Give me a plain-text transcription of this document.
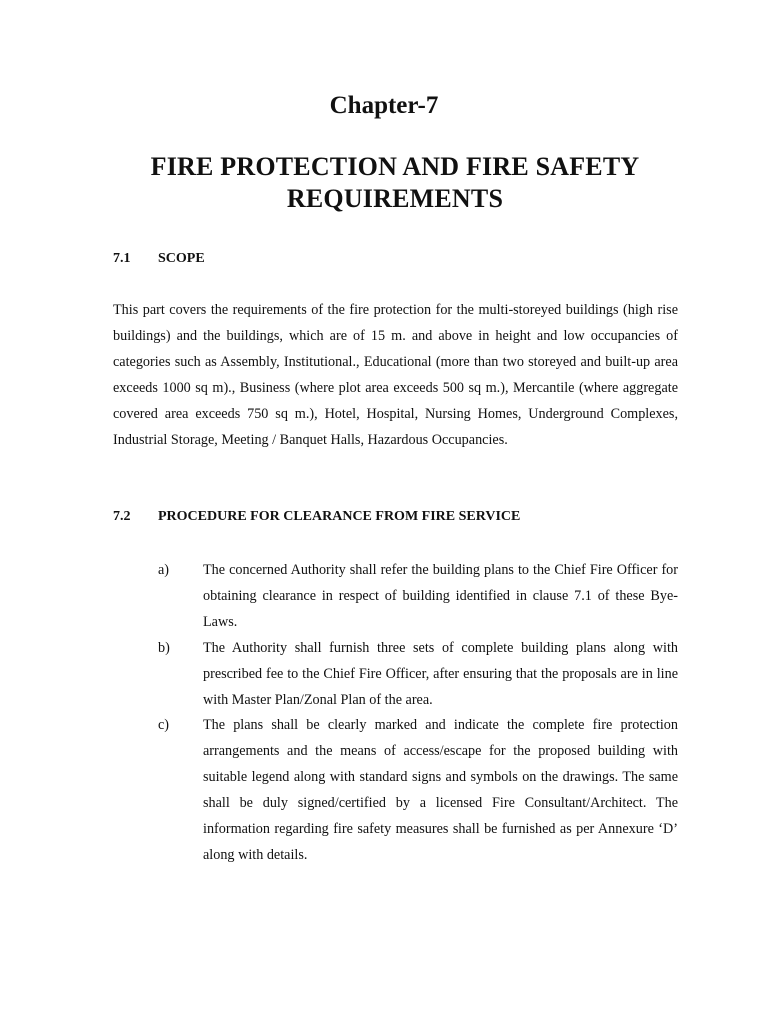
Chapter-7
FIRE PROTECTION AND FIRE SAFETY REQUIREMENTS
7.1 SCOPE
This part covers the requirements of the fire protection for the multi-storeyed buildings (high rise buildings) and the buildings, which are of 15 m. and above in height and low occupancies of categories such as Assembly, Institutional., Educational (more than two storeyed and built-up area exceeds 1000 sq m)., Business (where plot area exceeds 500 sq m.), Mercantile (where aggregate covered area exceeds 750 sq m.), Hotel, Hospital, Nursing Homes, Underground Complexes, Industrial Storage, Meeting / Banquet Halls, Hazardous Occupancies.
7.2 PROCEDURE FOR CLEARANCE FROM FIRE SERVICE
a) The concerned Authority shall refer the building plans to the Chief Fire Officer for obtaining clearance in respect of building identified in clause 7.1 of these Bye-Laws.
b) The Authority shall furnish three sets of complete building plans along with prescribed fee to the Chief Fire Officer, after ensuring that the proposals are in line with Master Plan/Zonal Plan of the area.
c) The plans shall be clearly marked and indicate the complete fire protection arrangements and the means of access/escape for the proposed building with suitable legend along with standard signs and symbols on the drawings. The same shall be duly signed/certified by a licensed Fire Consultant/Architect. The information regarding fire safety measures shall be furnished as per Annexure ‘D’ along with details.
